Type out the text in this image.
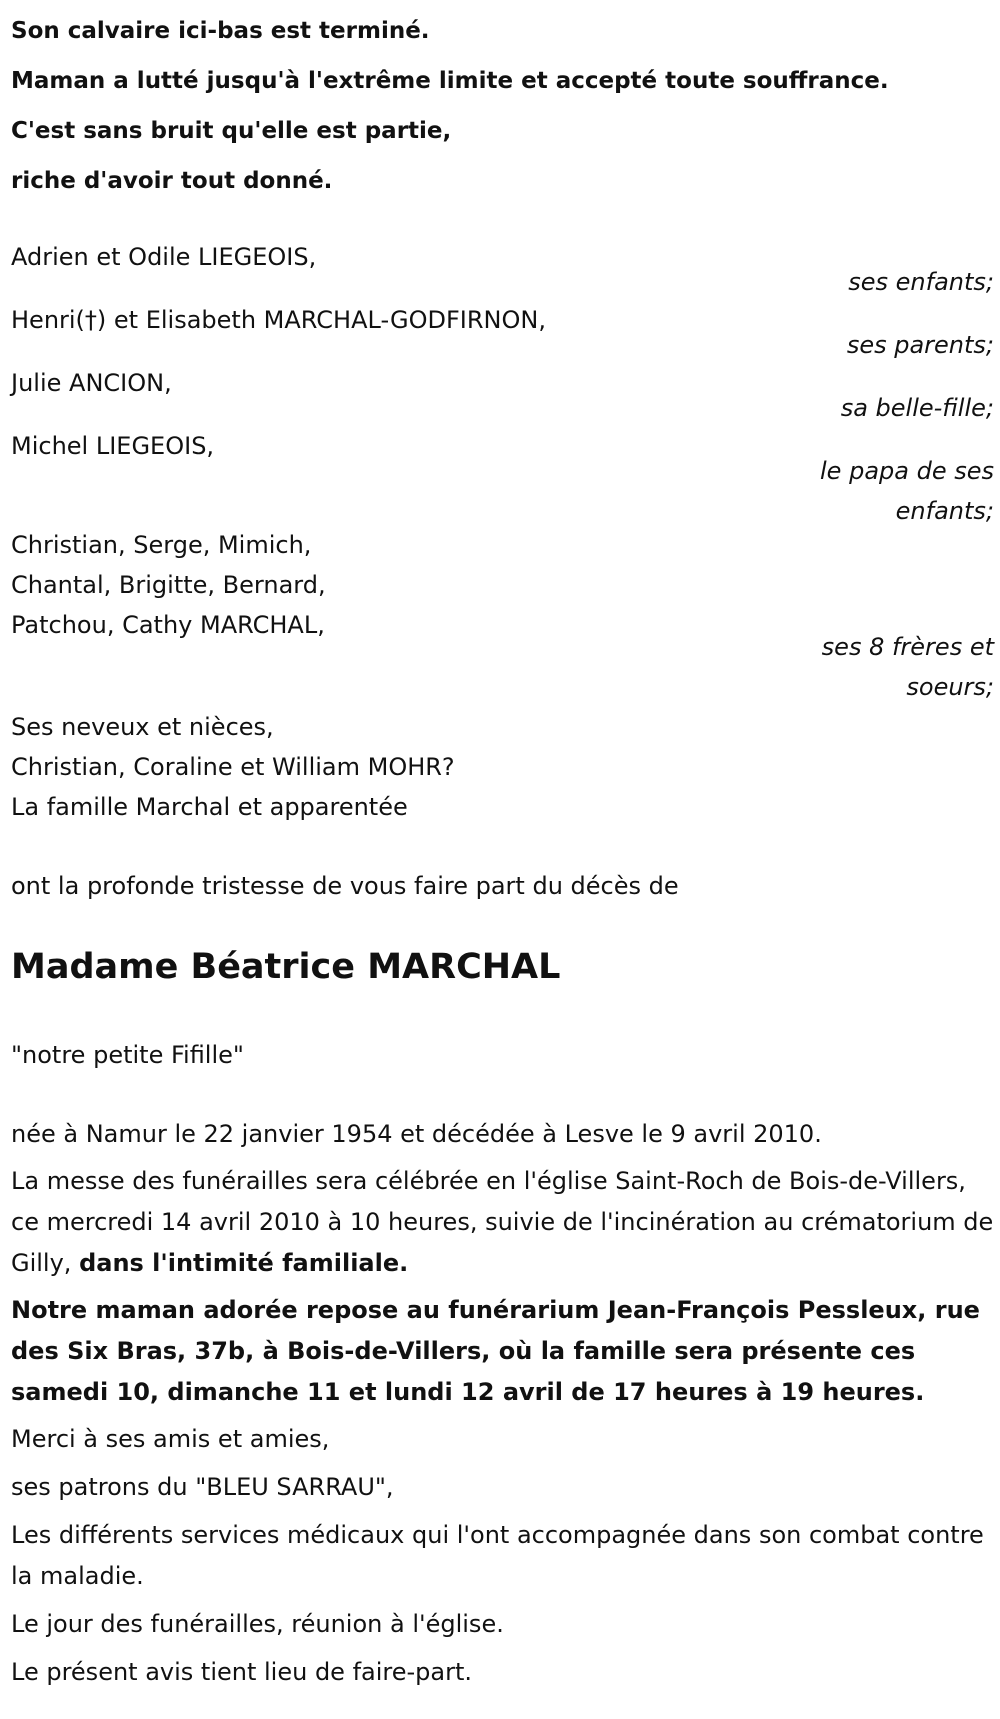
Son calvaire ici-bas est terminé.

Maman a lutté jusqu'à l'extrême limite et accepté toute souffrance.

C'est sans bruit qu'elle est partie,

riche d'avoir tout donné.

Adrien et Odile LIEGEOIS,

ses enfants;

Henri(†) et Elisabeth MARCHAL-GODFIRNON,

ses parents;

Julie ANCION,

sa belle-fille;

Michel LIEGEOIS,

le papa de ses enfants;

Christian, Serge, Mimich,

Chantal, Brigitte, Bernard,

Patchou, Cathy MARCHAL,

ses 8 frères et soeurs;

Ses neveux et nièces,

Christian, Coraline et William MOHR?

La famille Marchal et apparentée

ont la profonde tristesse de vous faire part du décès de

Madame Béatrice MARCHAL

"notre petite Fifille"

née à Namur le 22 janvier 1954 et décédée à Lesve le 9 avril 2010.

La messe des funérailles sera célébrée en l'église Saint-Roch de Bois-de-Villers, ce mercredi 14 avril 2010 à 10 heures, suivie de l'incinération au crématorium de Gilly, dans l'intimité familiale.

Notre maman adorée repose au funérarium Jean-François Pessleux, rue des Six Bras, 37b, à Bois-de-Villers, où la famille sera présente ces samedi 10, dimanche 11 et lundi 12 avril de 17 heures à 19 heures.

Merci à ses amis et amies,

ses patrons du "BLEU SARRAU",

Les différents services médicaux qui l'ont accompagnée dans son combat contre la maladie.

Le jour des funérailles, réunion à l'église.

Le présent avis tient lieu de faire-part.
